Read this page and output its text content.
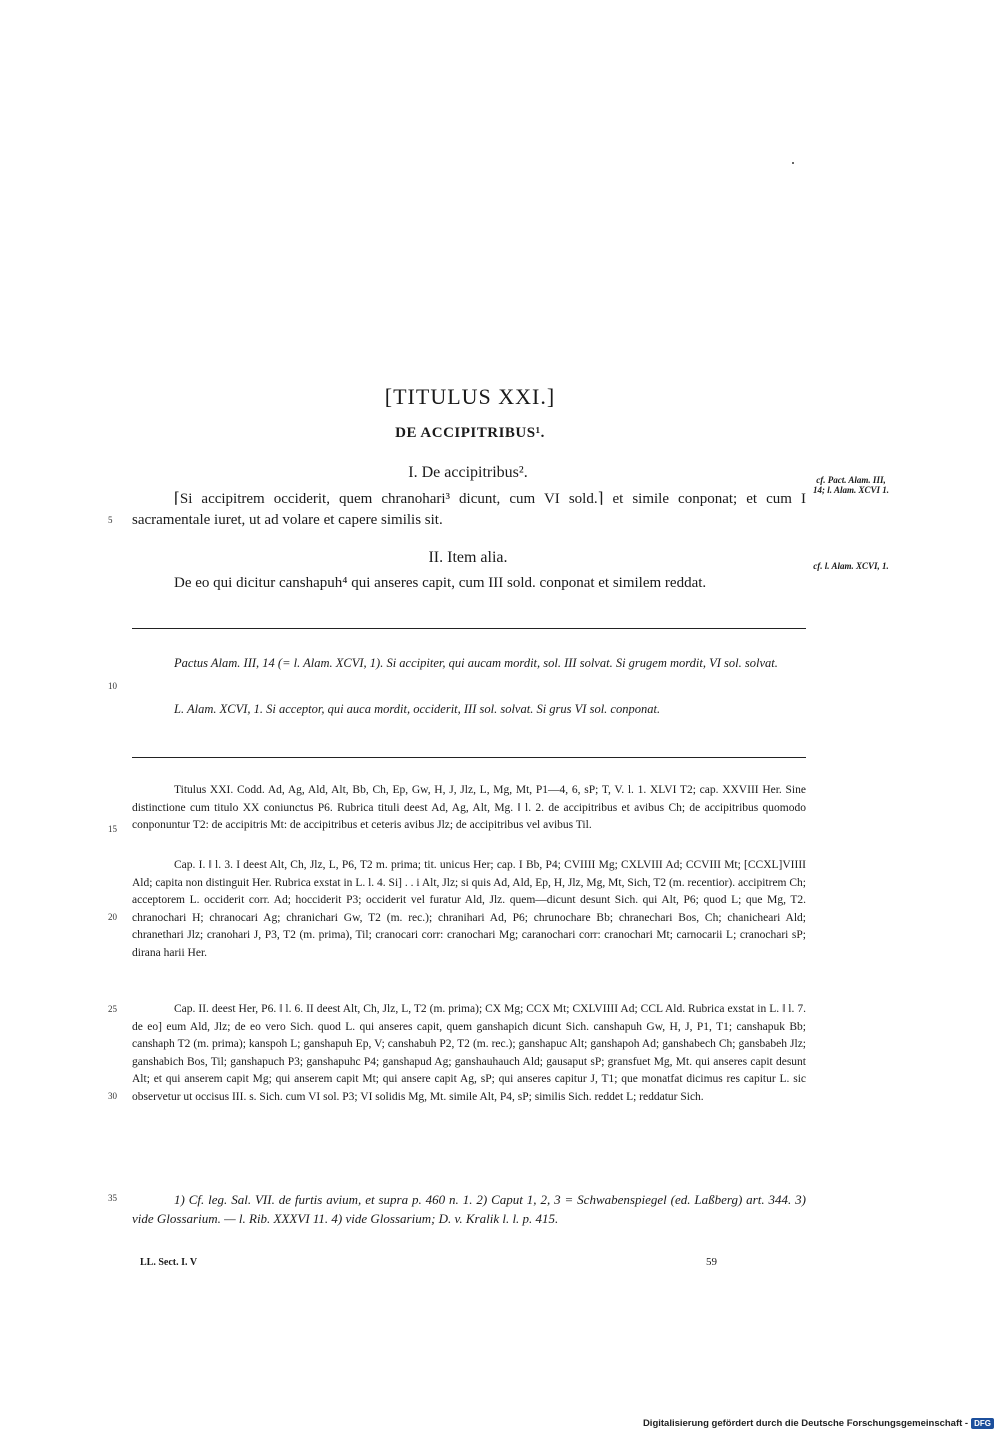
[TITULUS XXI.]
DE ACCIPITRIBUS¹.
I. De accipitribus².
⌈Si accipitrem occiderit, quem chranohari³ dicunt, cum VI sold.⌉ et simile conponat; et cum I sacramentale iuret, ut ad volare et capere similis sit.
II. Item alia.
De eo qui dicitur canshapuh⁴ qui anseres capit, cum III sold. conponat et similem reddat.
cf. Pact. Alam. III, 14; l. Alam. XCVI 1.
cf. l. Alam. XCVI, 1.
5
10
15
20
25
30
35
Pactus Alam. III, 14 (= l. Alam. XCVI, 1). Si accipiter, qui aucam mordit, sol. III solvat. Si grugem mordit, VI sol. solvat.
L. Alam. XCVI, 1. Si acceptor, qui auca mordit, occiderit, III sol. solvat. Si grus VI sol. conponat.
Titulus XXI. Codd. Ad, Ag, Ald, Alt, Bb, Ch, Ep, Gw, H, J, Jlz, L, Mg, Mt, P1—4, 6, sP; T, V. l. 1. XLVI T2; cap. XXVIII Her. Sine distinctione cum titulo XX coniunctus P6. Rubrica tituli deest Ad, Ag, Alt, Mg. ‖ l. 2. de accipitribus et avibus Ch; de accipitribus quomodo conponuntur T2: de accipitris Mt: de accipitribus et ceteris avibus Jlz; de accipitribus vel avibus Til.
Cap. I. ‖ l. 3. I deest Alt, Ch, Jlz, L, P6, T2 m. prima; tit. unicus Her; cap. I Bb, P4; CVIIII Mg; CXLVIII Ad; CCVIII Mt; [CCXL]VIIII Ald; capita non distinguit Her. Rubrica exstat in L. l. 4. Si] . . i Alt, Jlz; si quis Ad, Ald, Ep, H, Jlz, Mg, Mt, Sich, T2 (m. recentior). accipitrem Ch; acceptorem L. occiderit corr. Ad; hocciderit P3; occiderit vel furatur Ald, Jlz. quem—dicunt desunt Sich. qui Alt, P6; quod L; que Mg, T2. chranochari H; chranocari Ag; chranichari Gw, T2 (m. rec.); chranihari Ad, P6; chrunochare Bb; chranechari Bos, Ch; chanicheari Ald; chranethari Jlz; cranohari J, P3, T2 (m. prima), Til; cranocari corr: cranochari Mg; caranochari corr: cranochari Mt; carnocarii L; cranochari sP; dirana harii Her.
Cap. II. deest Her, P6. ‖ l. 6. II deest Alt, Ch, Jlz, L, T2 (m. prima); CX Mg; CCX Mt; CXLVIIII Ad; CCL Ald. Rubrica exstat in L. ‖ l. 7. de eo] eum Ald, Jlz; de eo vero Sich. quod L. qui anseres capit, quem ganshapich dicunt Sich. canshapuh Gw, H, J, P1, T1; canshapuk Bb; canshaph T2 (m. prima); kanspoh L; ganshapuh Ep, V; canshabuh P2, T2 (m. rec.); ganshapuc Alt; ganshapoh Ad; ganshabech Ch; gansbabeh Jlz; ganshabich Bos, Til; ganshapuch P3; ganshapuhc P4; ganshapud Ag; ganshauhauch Ald; gausaput sP; gransfuet Mg, Mt. qui anseres capit desunt Alt; et qui anserem capit Mg; qui anserem capit Mt; qui ansere capit Ag, sP; qui anseres capitur J, T1; que monatfat dicimus res capitur L. sic observetur ut occisus III. s. Sich. cum VI sol. P3; VI solidis Mg, Mt. simile Alt, P4, sP; similis Sich. reddet L; reddatur Sich.
1) Cf. leg. Sal. VII. de furtis avium, et supra p. 460 n. 1. 2) Caput 1, 2, 3 = Schwabenspiegel (ed. Laßberg) art. 344. 3) vide Glossarium. — l. Rib. XXXVI 11. 4) vide Glossarium; D. v. Kralik l. l. p. 415.
LL. Sect. I. V	59
Digitalisierung gefördert durch die Deutsche Forschungsgemeinschaft - DFG
